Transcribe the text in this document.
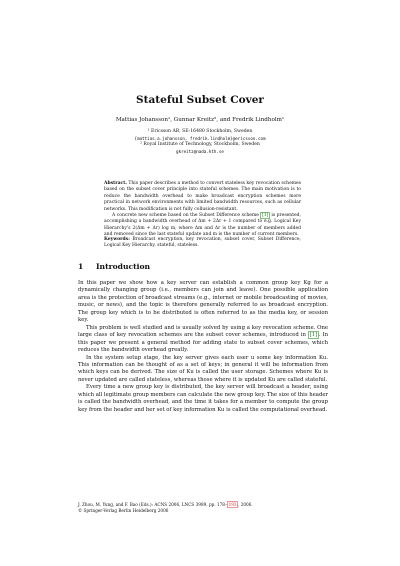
Stateful Subset Cover
Mattias Johansson¹, Gunnar Kreitz², and Fredrik Lindholm¹
¹ Ericsson AB, SE-16480 Stockholm, Sweden
{mattias.a.johansson, fredrik.lindholm}@ericsson.com
² Royal Institute of Technology, Stockholm, Sweden
gkreitz@nada.kth.se

Abstract. This paper describes a method to convert stateless key revocation schemes based on the subset cover principle into stateful schemes. The main motivation is to reduce the bandwidth overhead to make broadcast encryption schemes more practical in network environments with limited bandwidth resources, such as cellular networks. This modification is not fully collusion-resistant.

A concrete new scheme based on the Subset Difference scheme [1] is presented, accomplishing a bandwidth overhead of Δm + 2Δr + 1 compared to e.g. Logical Key Hierarchy's 2(Δm + Δr) log m, where Δm and Δr is the number of members added and removed since the last stateful update and m is the number of current members.

Keywords: Broadcast encryption, key revocation, subset cover, Subset Difference, Logical Key Hierarchy, stateful, stateless.

1 Introduction

In this paper we show how a key server can establish a common group key Kg for a dynamically changing group (i.e., members can join and leave). One possible application area is the protection of broadcast streams (e.g., internet or mobile broadcasting of movies, music, or news), and the topic is therefore generally referred to as broadcast encryption. The group key which is to be distributed is often referred to as the media key, or session key.

This problem is well studied and is usually solved by using a key revocation scheme. One large class of key revocation schemes are the subset cover schemes, introduced in [1] . In this paper we present a general method for adding state to subset cover schemes, which reduces the bandwidth overhead greatly.

In the system setup stage, the key server gives each user u some key information Ku. This information can be thought of as a set of keys; in general it will be information from which keys can be derived. The size of Ku is called the user storage. Schemes where Ku is never updated are called stateless, whereas those where it is updated Ku are called stateful.

Every time a new group key is distributed, the key server will broadcast a header, using which all legitimate group members can calculate the new group key. The size of this header is called the bandwidth overhead, and the time it takes for a member to compute the group key from the header and her set of key information Ku is called the computational overhead.

J. Zhou, M. Yung, and F. Bao (Eds.): ACNS 2006, LNCS 3989, pp. 178– 193 , 2006.

© Springer-Verlag Berlin Heidelberg 2006
